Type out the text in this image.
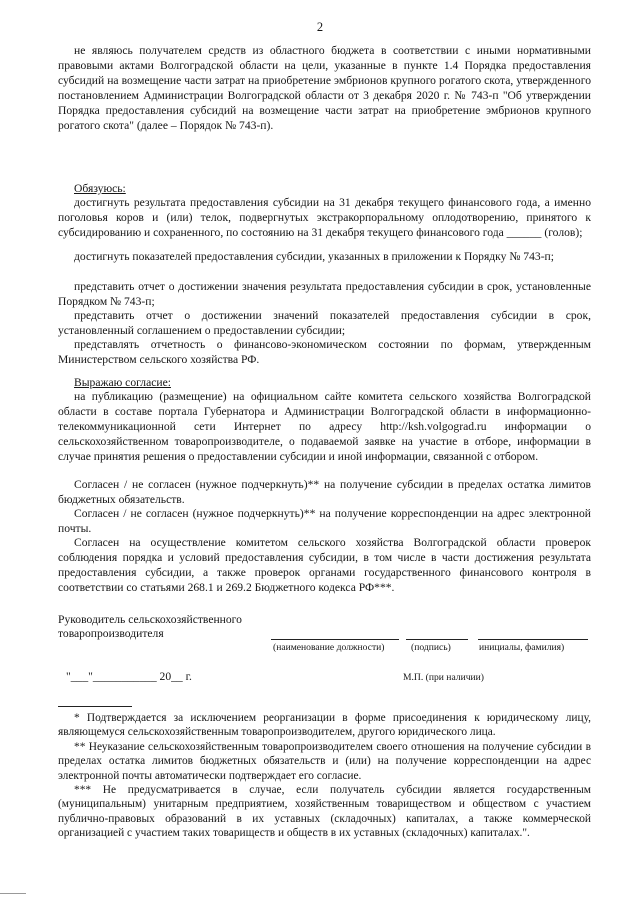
2
не являюсь получателем средств из областного бюджета в соответствии с иными нормативными правовыми актами Волгоградской области на цели, указанные в пункте 1.4 Порядка предоставления субсидий на возмещение части затрат на приобретение эмбрионов крупного рогатого скота, утвержденного постановлением Администрации Волгоградской области от 3 декабря 2020 г. № 743-п "Об утверждении Порядка предоставления субсидий на возмещение части затрат на приобретение эмбрионов крупного рогатого скота" (далее – Порядок № 743-п).
Обязуюсь:
достигнуть результата предоставления субсидии на 31 декабря текущего финансового года, а именно поголовья коров и (или) телок, подвергнутых экстракорпоральному оплодотворению, принятого к субсидированию и сохраненного, по состоянию на 31 декабря текущего финансового года ______ (голов);
достигнуть показателей предоставления субсидии, указанных в приложении к Порядку № 743-п;
представить отчет о достижении значения результата предоставления субсидии в срок, установленные Порядком № 743-п;
представить отчет о достижении значений показателей предоставления субсидии в срок, установленный соглашением о предоставлении субсидии;
представлять отчетность о финансово-экономическом состоянии по формам, утвержденным Министерством сельского хозяйства РФ.
Выражаю согласие:
на публикацию (размещение) на официальном сайте комитета сельского хозяйства Волгоградской области в составе портала Губернатора и Администрации Волгоградской области в информационно-телекоммуникационной сети Интернет по адресу http://ksh.volgograd.ru информации о сельскохозяйственном товаропроизводителе, о подаваемой заявке на участие в отборе, информации в случае принятия решения о предоставлении субсидии и иной информации, связанной с отбором.
Согласен / не согласен (нужное подчеркнуть)** на получение субсидии в пределах остатка лимитов бюджетных обязательств.
Согласен / не согласен (нужное подчеркнуть)** на получение корреспонденции на адрес электронной почты.
Согласен на осуществление комитетом сельского хозяйства Волгоградской области проверок соблюдения порядка и условий предоставления субсидии, в том числе в части достижения результата предоставления субсидии, а также проверок органами государственного финансового контроля в соответствии со статьями 268.1 и 269.2 Бюджетного кодекса РФ***.
Руководитель сельскохозяйственного
товаропроизводителя
(наименование должности)	(подпись)	инициалы, фамилия)
"___"___________ 20__ г.	М.П. (при наличии)
* Подтверждается за исключением реорганизации в форме присоединения к юридическому лицу, являющемуся сельскохозяйственным товаропроизводителем, другого юридического лица.
** Неуказание сельскохозяйственным товаропроизводителем своего отношения на получение субсидии в пределах остатка лимитов бюджетных обязательств и (или) на получение корреспонденции на адрес электронной почты автоматически подтверждает его согласие.
*** Не предусматривается в случае, если получатель субсидии является государственным (муниципальным) унитарным предприятием, хозяйственным товариществом и обществом с участием публично-правовых образований в их уставных (складочных) капиталах, а также коммерческой организацией с участием таких товариществ и обществ в их уставных (складочных) капиталах.".
